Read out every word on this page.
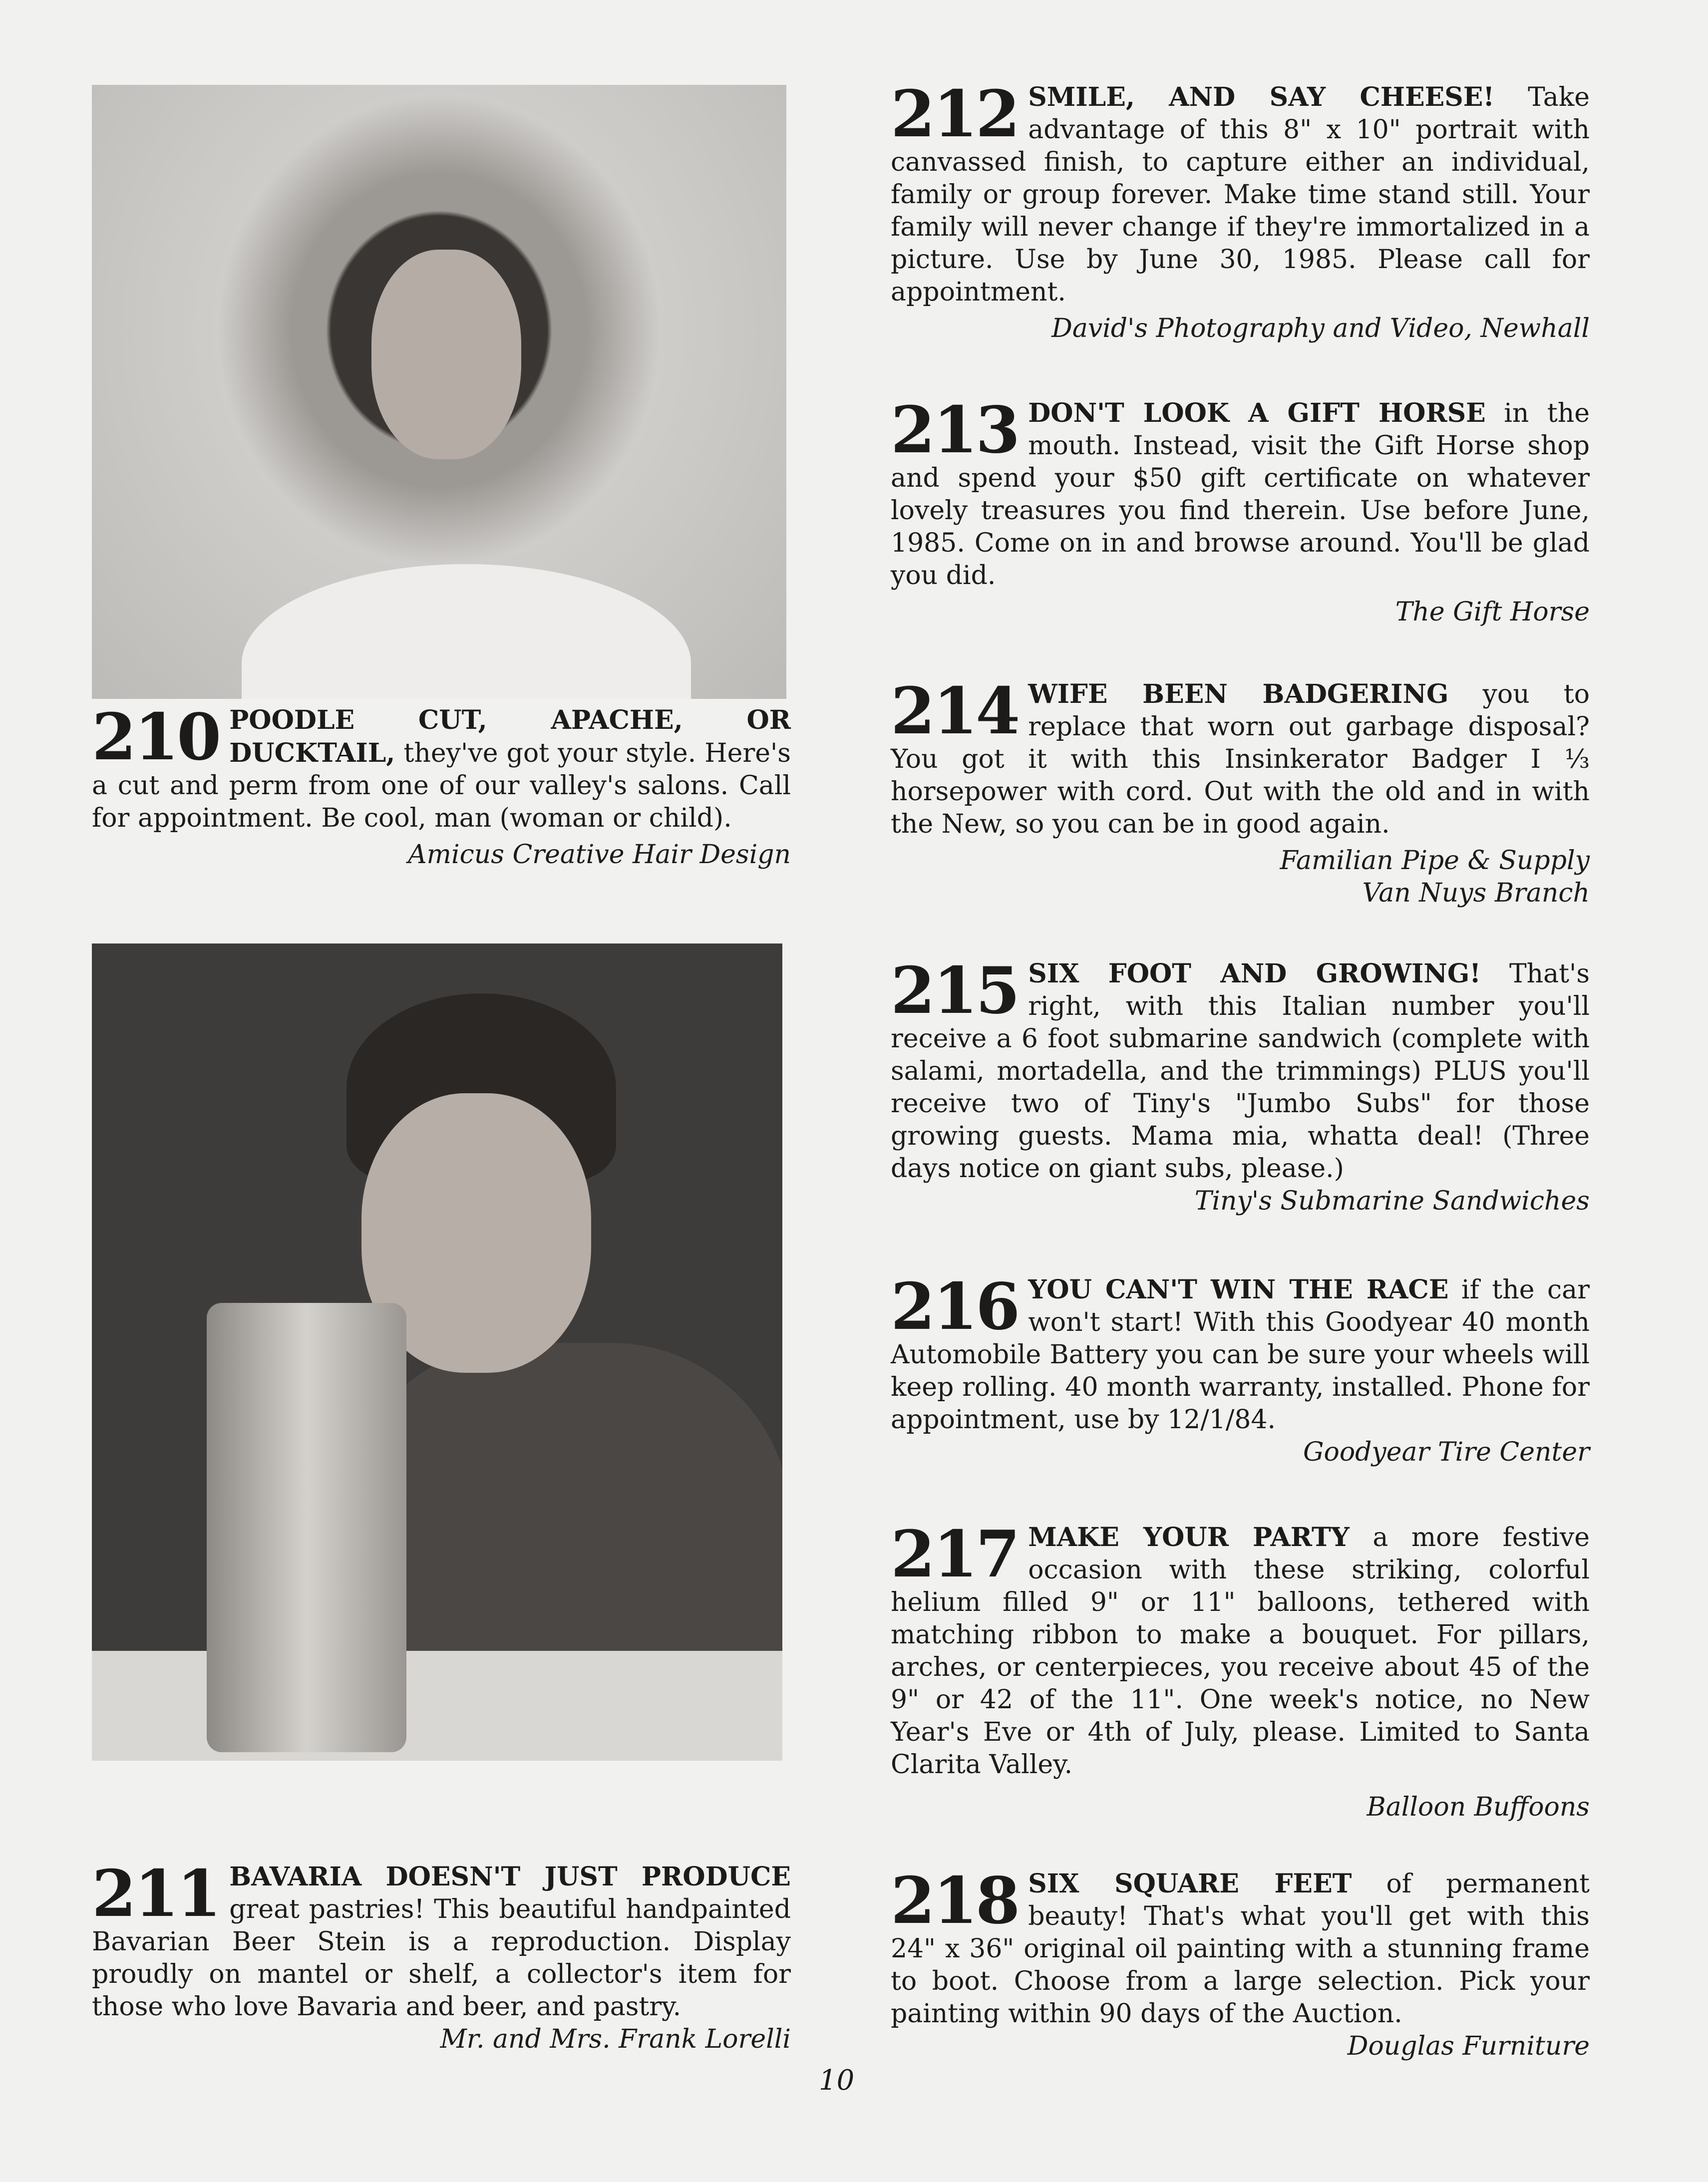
210 POODLE CUT, APACHE, OR DUCKTAIL, they've got your style. Here's a cut and perm from one of our valley's salons. Call for appointment. Be cool, man (woman or child).
Amicus Creative Hair Design
211 BAVARIA DOESN'T JUST PRODUCE great pastries! This beautiful handpainted Bavarian Beer Stein is a reproduction. Display proudly on mantel or shelf, a collector's item for those who love Bavaria and beer, and pastry.
Mr. and Mrs. Frank Lorelli
212 SMILE, AND SAY CHEESE! Take advantage of this 8" x 10" portrait with canvassed finish, to capture either an individual, family or group forever. Make time stand still. Your family will never change if they're immortalized in a picture. Use by June 30, 1985. Please call for appointment.
David's Photography and Video, Newhall
213 DON'T LOOK A GIFT HORSE in the mouth. Instead, visit the Gift Horse shop and spend your $50 gift certificate on whatever lovely treasures you find therein. Use before June, 1985. Come on in and browse around. You'll be glad you did.
The Gift Horse
214 WIFE BEEN BADGERING you to replace that worn out garbage disposal? You got it with this Insinkerator Badger I ⅓ horsepower with cord. Out with the old and in with the New, so you can be in good again.
Familian Pipe & Supply
Van Nuys Branch
215 SIX FOOT AND GROWING! That's right, with this Italian number you'll receive a 6 foot submarine sandwich (complete with salami, mortadella, and the trimmings) PLUS you'll receive two of Tiny's "Jumbo Subs" for those growing guests. Mama mia, whatta deal! (Three days notice on giant subs, please.)
Tiny's Submarine Sandwiches
216 YOU CAN'T WIN THE RACE if the car won't start! With this Goodyear 40 month Automobile Battery you can be sure your wheels will keep rolling. 40 month warranty, installed. Phone for appointment, use by 12/1/84.
Goodyear Tire Center
217 MAKE YOUR PARTY a more festive occasion with these striking, colorful helium filled 9" or 11" balloons, tethered with matching ribbon to make a bouquet. For pillars, arches, or centerpieces, you receive about 45 of the 9" or 42 of the 11". One week's notice, no New Year's Eve or 4th of July, please. Limited to Santa Clarita Valley.
Balloon Buffoons
218 SIX SQUARE FEET of permanent beauty! That's what you'll get with this 24" x 36" original oil painting with a stunning frame to boot. Choose from a large selection. Pick your painting within 90 days of the Auction.
Douglas Furniture
10
